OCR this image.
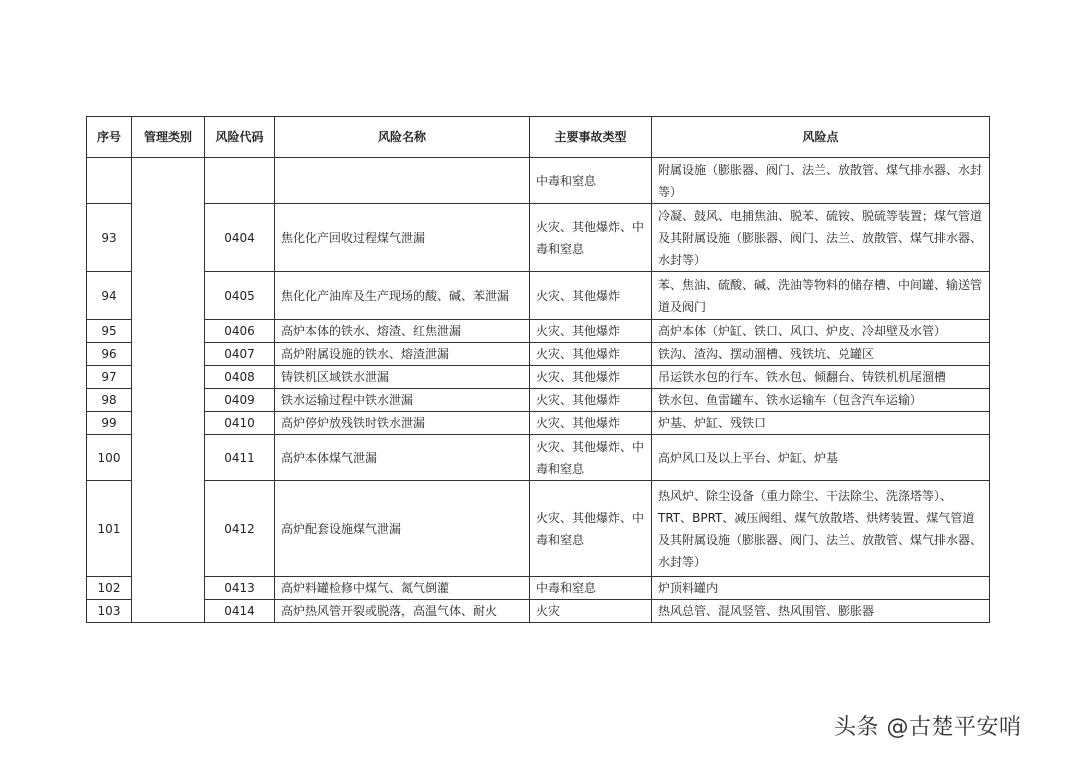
序号	管理类别	风险代码	风险名称	主要事故类型	风险点
				中毒和窒息	附属设施（膨胀器、阀门、法兰、放散管、煤气排水器、水封等）
93		0404	焦化化产回收过程煤气泄漏	火灾、其他爆炸、中毒和窒息	冷凝、鼓风、电捕焦油、脱苯、硫铵、脱硫等装置；煤气管道及其附属设施（膨胀器、阀门、法兰、放散管、煤气排水器、水封等）
94		0405	焦化化产油库及生产现场的酸、碱、苯泄漏	火灾、其他爆炸	苯、焦油、硫酸、碱、洗油等物料的储存槽、中间罐、输送管道及阀门
95		0406	高炉本体的铁水、熔渣、红焦泄漏	火灾、其他爆炸	高炉本体（炉缸、铁口、风口、炉皮、冷却壁及水管）
96		0407	高炉附属设施的铁水、熔渣泄漏	火灾、其他爆炸	铁沟、渣沟、摆动溜槽、残铁坑、兑罐区
97		0408	铸铁机区域铁水泄漏	火灾、其他爆炸	吊运铁水包的行车、铁水包、倾翻台、铸铁机机尾溜槽
98		0409	铁水运输过程中铁水泄漏	火灾、其他爆炸	铁水包、鱼雷罐车、铁水运输车（包含汽车运输）
99		0410	高炉停炉放残铁时铁水泄漏	火灾、其他爆炸	炉基、炉缸、残铁口
100		0411	高炉本体煤气泄漏	火灾、其他爆炸、中毒和窒息	高炉风口及以上平台、炉缸、炉基
101		0412	高炉配套设施煤气泄漏	火灾、其他爆炸、中毒和窒息	热风炉、除尘设备（重力除尘、干法除尘、洗涤塔等）、TRT、BPRT、减压阀组、煤气放散塔、烘烤装置、煤气管道及其附属设施（膨胀器、阀门、法兰、放散管、煤气排水器、水封等）
102		0413	高炉料罐检修中煤气、氮气倒灌	中毒和窒息	炉顶料罐内
103		0414	高炉热风管开裂或脱落，高温气体、耐火	火灾	热风总管、混风竖管、热风围管、膨胀器
头条 @古楚平安哨
